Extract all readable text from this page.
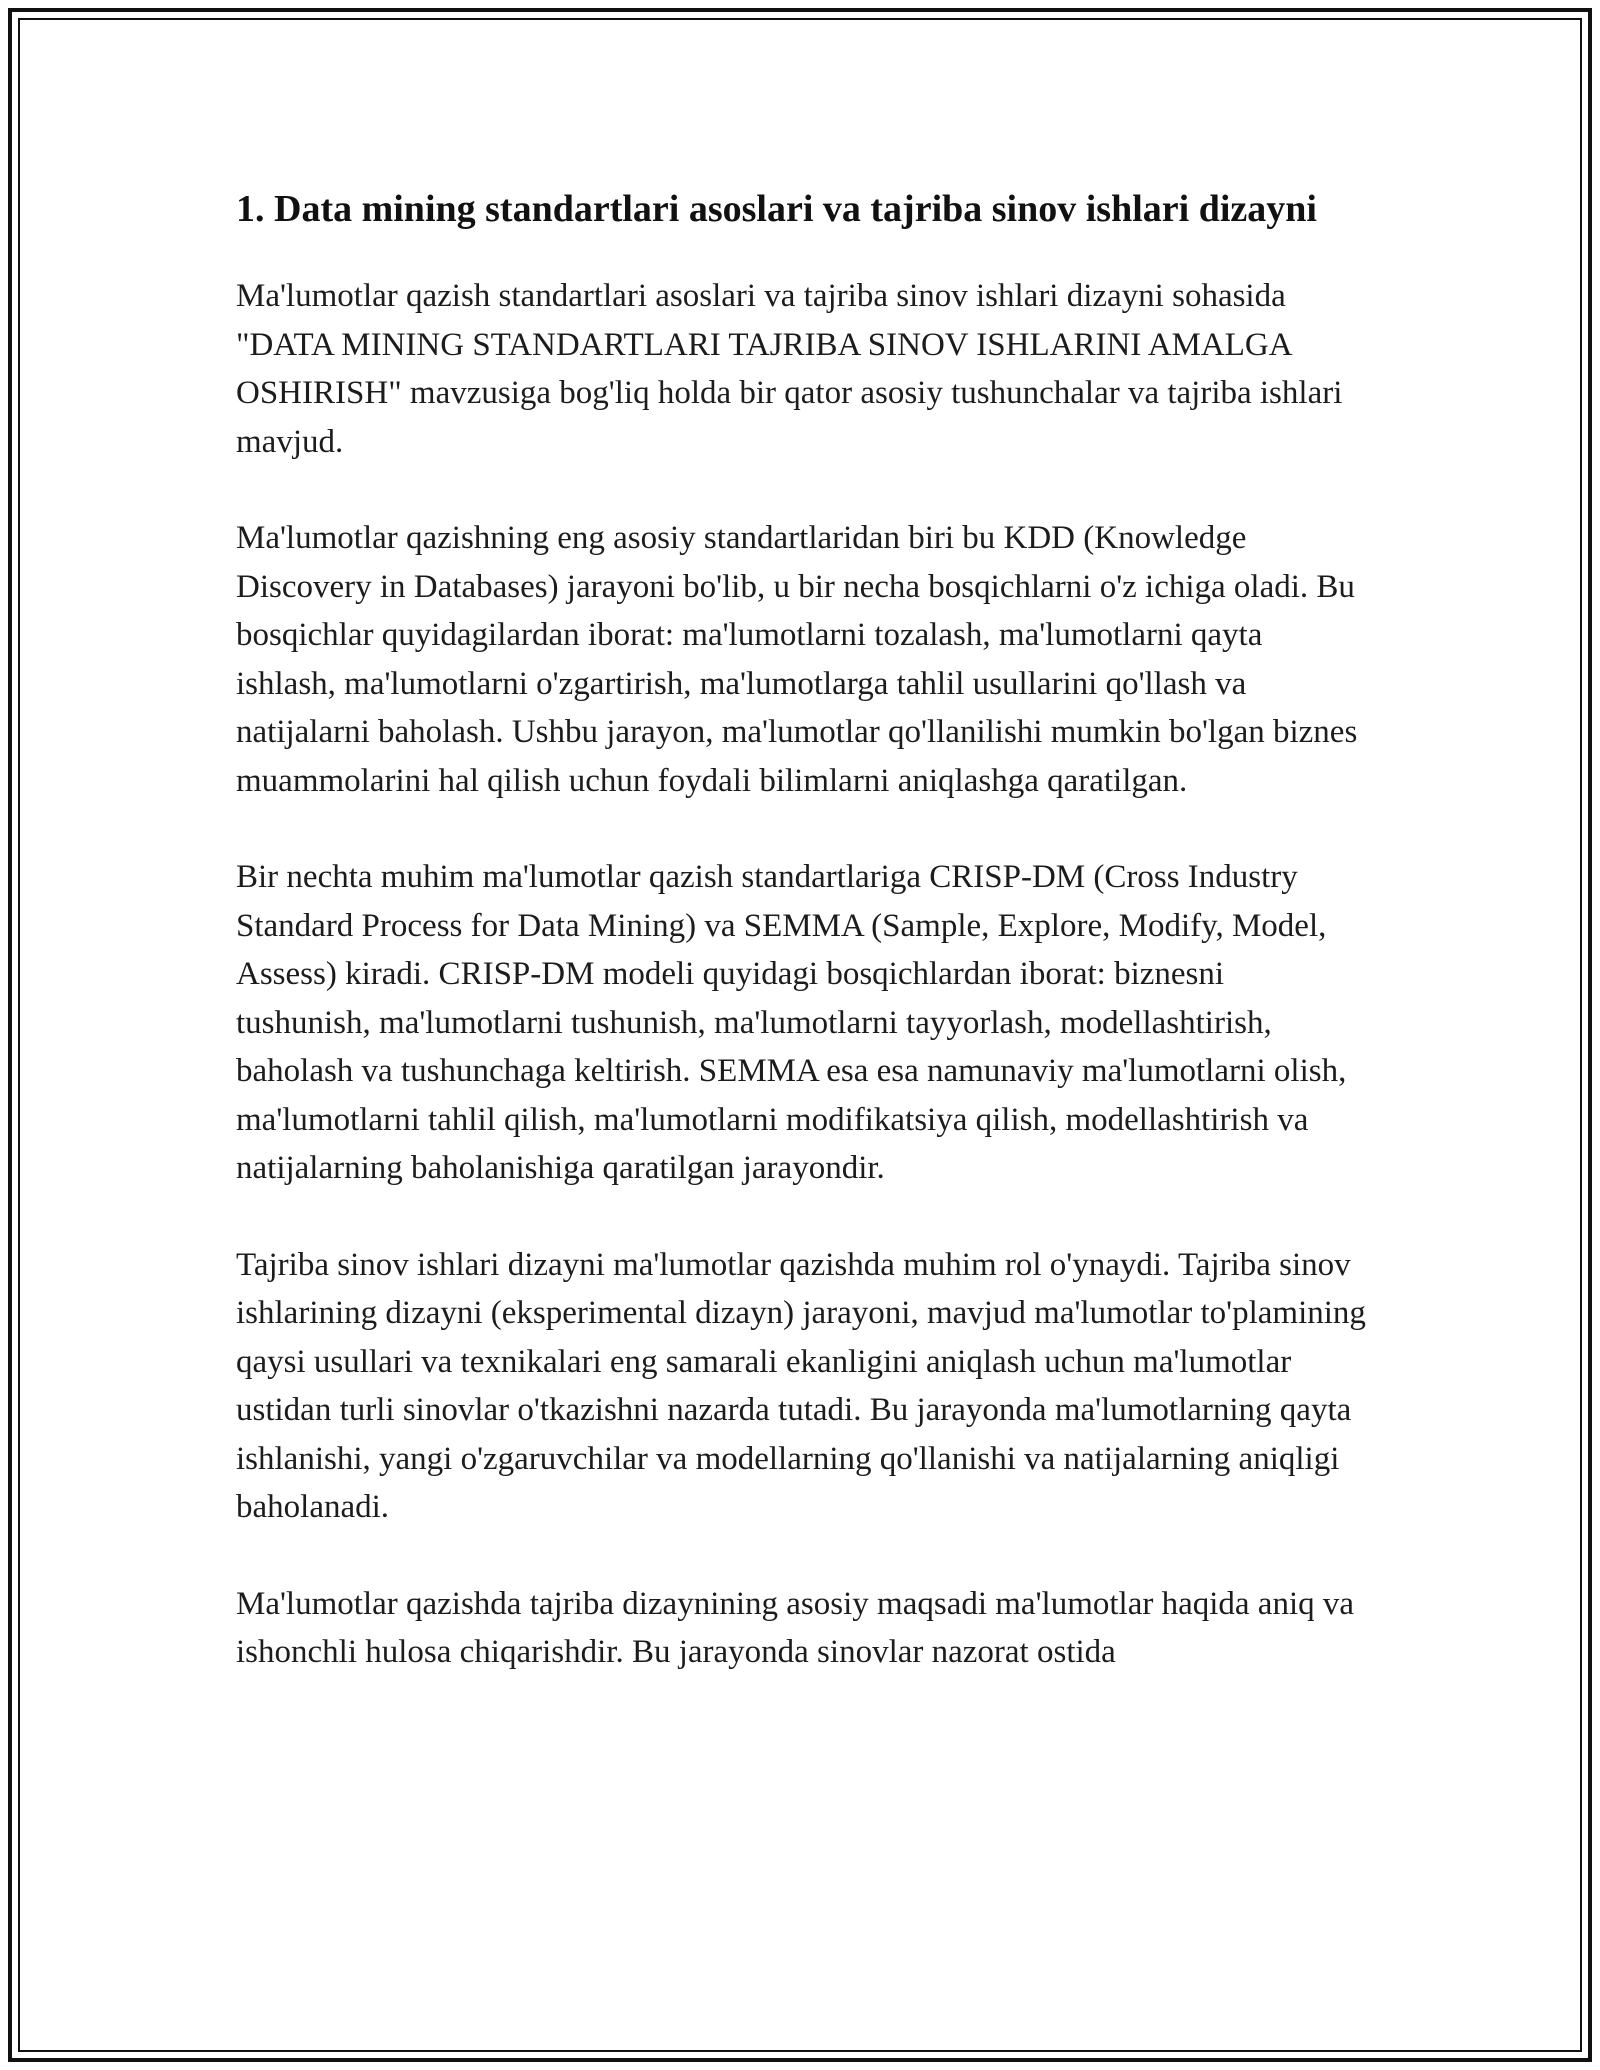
1. Data mining standartlari asoslari va tajriba sinov ishlari dizayni

Ma'lumotlar qazish standartlari asoslari va tajriba sinov ishlari dizayni sohasida "DATA MINING STANDARTLARI TAJRIBA SINOV ISHLARINI AMALGA OSHIRISH" mavzusiga bog'liq holda bir qator asosiy tushunchalar va tajriba ishlari mavjud.

Ma'lumotlar qazishning eng asosiy standartlaridan biri bu KDD (Knowledge Discovery in Databases) jarayoni bo'lib, u bir necha bosqichlarni o'z ichiga oladi. Bu bosqichlar quyidagilardan iborat: ma'lumotlarni tozalash, ma'lumotlarni qayta ishlash, ma'lumotlarni o'zgartirish, ma'lumotlarga tahlil usullarini qo'llash va natijalarni baholash. Ushbu jarayon, ma'lumotlar qo'llanilishi mumkin bo'lgan biznes muammolarini hal qilish uchun foydali bilimlarni aniqlashga qaratilgan.

Bir nechta muhim ma'lumotlar qazish standartlariga CRISP-DM (Cross Industry Standard Process for Data Mining) va SEMMA (Sample, Explore, Modify, Model, Assess) kiradi. CRISP-DM modeli quyidagi bosqichlardan iborat: biznesni tushunish, ma'lumotlarni tushunish, ma'lumotlarni tayyorlash, modellashtirish, baholash va tushunchaga keltirish. SEMMA esa esa namunaviy ma'lumotlarni olish, ma'lumotlarni tahlil qilish, ma'lumotlarni modifikatsiya qilish, modellashtirish va natijalarning baholanishiga qaratilgan jarayondir.

Tajriba sinov ishlari dizayni ma'lumotlar qazishda muhim rol o'ynaydi. Tajriba sinov ishlarining dizayni (eksperimental dizayn) jarayoni, mavjud ma'lumotlar to'plamining qaysi usullari va texnikalari eng samarali ekanligini aniqlash uchun ma'lumotlar ustidan turli sinovlar o'tkazishni nazarda tutadi. Bu jarayonda ma'lumotlarning qayta ishlanishi, yangi o'zgaruvchilar va modellarning qo'llanishi va natijalarning aniqligi baholanadi.

Ma'lumotlar qazishda tajriba dizaynining asosiy maqsadi ma'lumotlar haqida aniq va ishonchli hulosa chiqarishdir. Bu jarayonda sinovlar nazorat ostida
